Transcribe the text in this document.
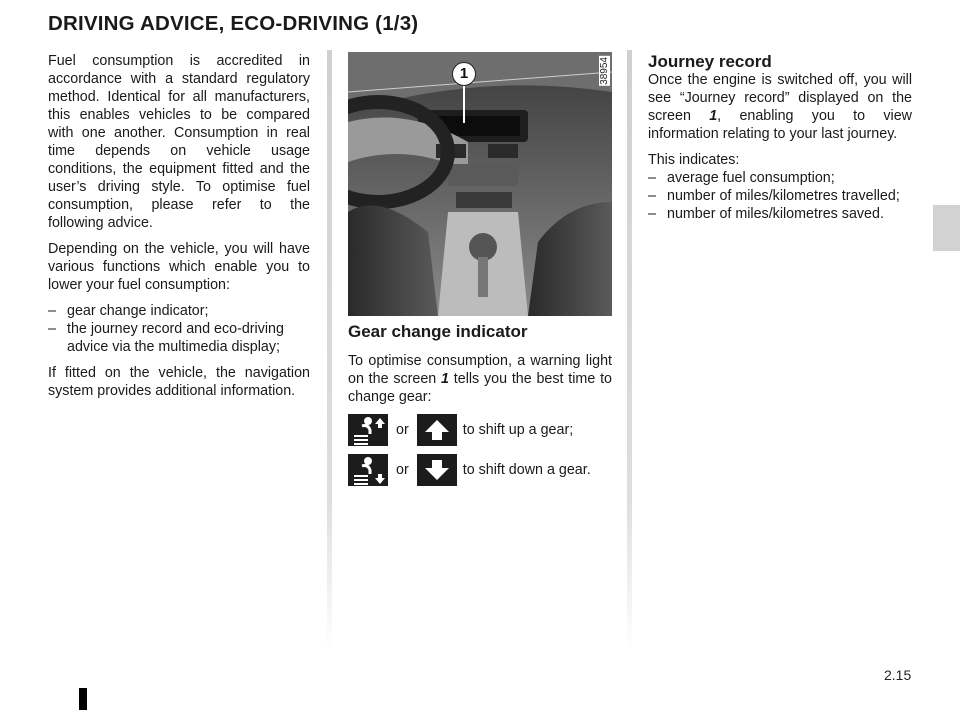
DRIVING ADVICE, ECO-DRIVING (1/3)
2.15

Fuel consumption is accredited in accordance with a standard regulatory method. Identical for all manufacturers, this enables vehicles to be compared with one another. Consumption in real time depends on vehicle usage conditions, the equipment fitted and the user’s driving style. To optimise fuel consumption, please refer to the following advice.

Depending on the vehicle, you will have various functions which enable you to lower your fuel consumption:

– gear change indicator;
– the journey record and eco-driving advice via the multimedia display;

If fitted on the vehicle, the navigation system provides additional information.

1	38954
Gear change indicator

To optimise consumption, a warning light on the screen 1 tells you the best time to change gear:

or	to shift up a gear;
or	to shift down a gear.
Journey record

Once the engine is switched off, you will see “Journey record” displayed on the screen 1, enabling you to view information relating to your last journey.

This indicates:

– average fuel consumption;
– number of miles/kilometres travelled;
– number of miles/kilometres saved.
